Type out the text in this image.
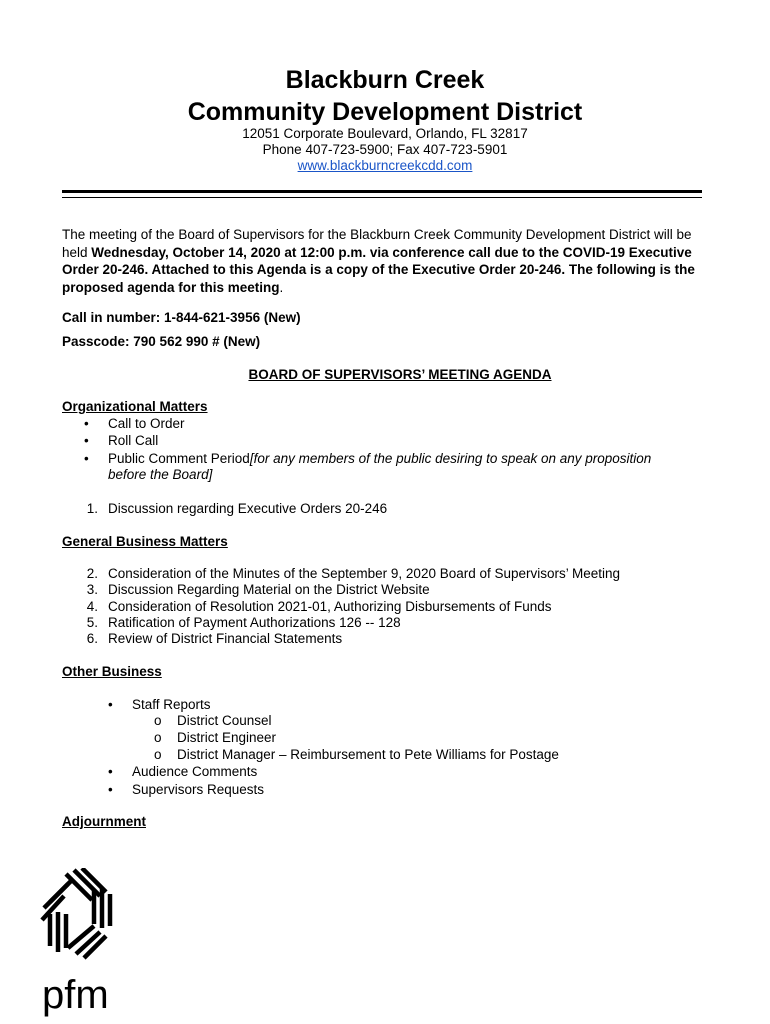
Blackburn Creek
Community Development District
12051 Corporate Boulevard, Orlando, FL 32817
Phone 407-723-5900; Fax 407-723-5901
www.blackburncreekcdd.com
The meeting of the Board of Supervisors for the Blackburn Creek Community Development District will be held Wednesday, October 14, 2020 at 12:00 p.m. via conference call due to the COVID-19 Executive Order 20-246. Attached to this Agenda is a copy of the Executive Order 20-246. The following is the proposed agenda for this meeting.
Call in number: 1-844-621-3956 (New)
Passcode: 790 562 990 # (New)
BOARD OF SUPERVISORS’ MEETING AGENDA
Organizational Matters
• Call to Order
• Roll Call
• Public Comment Period[for any members of the public desiring to speak on any proposition
before the Board]
1. Discussion regarding Executive Orders 20-246
General Business Matters
2. Consideration of the Minutes of the September 9, 2020 Board of Supervisors’ Meeting
3. Discussion Regarding Material on the District Website
4. Consideration of Resolution 2021-01, Authorizing Disbursements of Funds
5. Ratification of Payment Authorizations 126 -- 128
6. Review of District Financial Statements
Other Business
• Staff Reports
o District Counsel
o District Engineer
o District Manager – Reimbursement to Pete Williams for Postage
• Audience Comments
• Supervisors Requests
Adjournment
pfm
